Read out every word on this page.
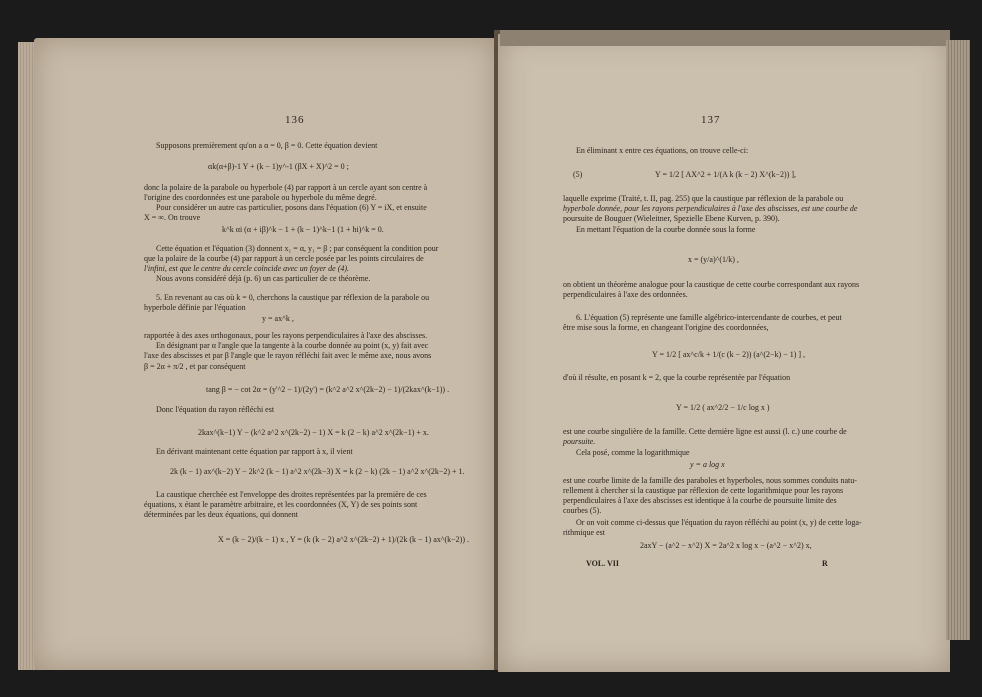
136
Supposons premièrement qu'on a α = 0, β = 0. Cette équation devient
αk(α+β)-1 Y + (k − 1)y^-1 (βX + X)^2 = 0 ;
donc la polaire de la parabole ou hyperbole (4) par rapport à un cercle ayant son centre à
l'origine des coordonnées est une parabole ou hyperbole du même degré.
Pour considérer un autre cas particulier, posons dans l'équation (6) Y = iX, et ensuite
X = ∞. On trouve
k^k αi (α + iβ)^k − 1 + (k − 1)^k−1 (1 + hi)^k = 0.
Cette équation et l'équation (3) donnent x₁ = α, y₁ = β ; par conséquent la condition pour
que la polaire de la courbe (4) par rapport à un cercle posée par les points circulaires de
l'infini, est que le centre du cercle coïncide avec un foyer de (4).
Nous avons considéré déjà (p. 6) un cas particulier de ce théorème.
5. En revenant au cas où k = 0, cherchons la caustique par réflexion de la parabole ou
hyperbole définie par l'équation
y = ax^k ,
rapportée à des axes orthogonaux, pour les rayons perpendiculaires à l'axe des abscisses.
En désignant par α l'angle que la tangente à la courbe donnée au point (x, y) fait avec
l'axe des abscisses et par β l'angle que le rayon réfléchi fait avec le même axe, nous avons
β = 2α + π/2 , et par conséquent
tang β = − cot 2α = (y'^2 − 1)/(2y') = (k^2 a^2 x^(2k−2) − 1)/(2kax^(k−1)) .
Donc l'équation du rayon réfléchi est
2kax^(k−1) Y − (k^2 a^2 x^(2k−2) − 1) X = k (2 − k) a^2 x^(2k−1) + x.
En dérivant maintenant cette équation par rapport à x, il vient
2k (k − 1) ax^(k−2) Y − 2k^2 (k − 1) a^2 x^(2k−3) X = k (2 − k) (2k − 1) a^2 x^(2k−2) + 1.
La caustique cherchée est l'enveloppe des droites représentées par la première de ces
équations, x étant le paramètre arbitraire, et les coordonnées (X, Y) de ses points sont
déterminées par les deux équations, qui donnent
X = (k − 2)/(k − 1) x , Y = (k (k − 2) a^2 x^(2k−2) + 1)/(2k (k − 1) ax^(k−2)) .
137
En éliminant x entre ces équations, on trouve celle-ci:
(5)	Y = 1/2 [ AX^2 + 1/(A k (k − 2) X^(k−2)) ],
laquelle exprime (Traité, t. II, pag. 255) que la caustique par réflexion de la parabole ou
hyperbole donnée, pour les rayons perpendiculaires à l'axe des abscisses, est une courbe de
poursuite de Bouguer (Wieleitner, Spezielle Ebene Kurven, p. 390).
En mettant l'équation de la courbe donnée sous la forme
x = (y/a)^(1/k) ,
on obtient un théorème analogue pour la caustique de cette courbe correspondant aux rayons
perpendiculaires à l'axe des ordonnées.
6. L'équation (5) représente une famille algébrico-intercendante de courbes, et peut
être mise sous la forme, en changeant l'origine des coordonnées,
Y = 1/2 [ ax^c/k + 1/(c (k − 2)) (a^(2−k) − 1) ] ,
d'où il résulte, en posant k = 2, que la courbe représentée par l'équation
Y = 1/2 ( ax^2/2 − 1/c log x )
est une courbe singulière de la famille. Cette dernière ligne est aussi (l. c.) une courbe de
poursuite.
Cela posé, comme la logarithmique
y = a log x
est une courbe limite de la famille des paraboles et hyperboles, nous sommes conduits natu-
rellement à chercher si la caustique par réflexion de cette logarithmique pour les rayons
perpendiculaires à l'axe des abscisses est identique à la courbe de poursuite limite des
courbes (5).
Or on voit comme ci-dessus que l'équation du rayon réfléchi au point (x, y) de cette loga-
rithmique est
2axY − (a^2 − x^2) X = 2a^2 x log x − (a^2 − x^2) x,
VOL. VII	R
